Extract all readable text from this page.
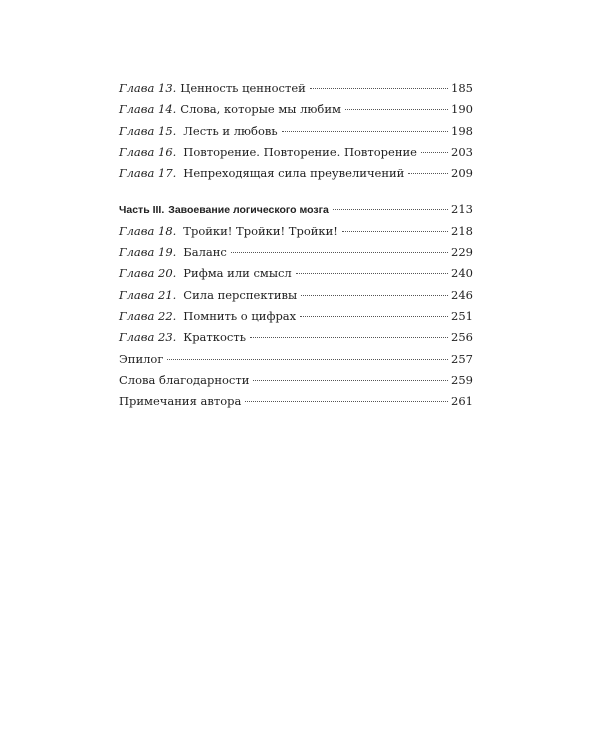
Глава 13. Ценность ценностей	185
Глава 14. Слова, которые мы любим	190
Глава 15. Лесть и любовь	198
Глава 16. Повторение. Повторение. Повторение	203
Глава 17. Непреходящая сила преувеличений	209
Часть III. Завоевание логического мозга	213
Глава 18. Тройки! Тройки! Тройки!	218
Глава 19. Баланс	229
Глава 20. Рифма или смысл	240
Глава 21. Сила перспективы	246
Глава 22. Помнить о цифрах	251
Глава 23. Краткость	256
Эпилог	257
Слова благодарности	259
Примечания автора	261
